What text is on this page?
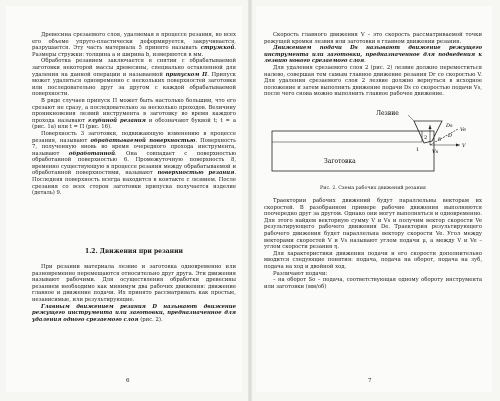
Древесина срезаемого слоя, удаляемая в процессе резания, во всех его объеме упруго-пластически деформируется, закручивается, разрушается. Эту часть материала 5 принято называть стружкой. Размеры стружки: толщина a и ширина b, измеряются в мм.

Обработка резанием заключается в снятии с обрабатываемой заготовки некоторой массы древесины, специально оставленной для удаления на данной операции и называемой припуском П. Припуск может удаляться одновременно с нескольких поверхностей заготовки или последовательно друг за другом с каждой обрабатываемой поверхности.

В ряде случаев припуск П может быть настолько большим, что его срезают не сразу, а последовательно за несколько проходов. Величину проникновения лезвий инструмента в заготовку во время каждого прохода называют глубиной резания и обозначают буквой t; t = a (рис. 1a) или t = П (рис. 16).

Поверхность 3 заготовки, подвижающую изменению в процессе резания, называют обрабатываемой поверхностью. Поверхность 7, полученную вновь во время очередного прохода инструмента, называют обработанной. Она совпадает с поверхностью обработанной поверхностью 6. Промежуточную поверхность 8, временно существующую в процессе резания между обрабатываемой и обработанной поверхностями, называют поверхностью резания. Последняя поверхность всегда находится в контакте с лезвием. После срезания со всех сторон заготовки припуска получается изделие (деталь) 9.

1.2. Движения при резании

При резании материала лезвие и заготовка одновременно или разновременно перемещаются относительно друг друга. Эти движения называют рабочими. Для осуществления обработки древесины резанием необходимо как минимум два рабочих движения: движение главное и движение подачи. Их принято рассматривать как простые, независимые, или результирующие.

Главным движением резания D называют движение режущего инструмента или заготовки, предназначенное для удаления одного срезаемого слоя (рис. 2).

6

Скорость главного движения V – это скорость рассматриваемой точки режущей кромки лезвия или заготовки в главном движении резания.

Движением подачи Ds называют движение режущего инструмента или заготовки, предназначенное для подведения к лезвию нового срезаемого слоя.

Для удаления срезаемого слоя 2 (рис. 2) лезвие должно переместиться налево, совершая тем самым главное движение резания Dr со скоростью V. Для удаления срезаемого слоя 2 лезвие должно вернуться в исходное положение и затем выполнить движение подачи Ds со скоростью подачи Vs, после чего снова можно выполнить главное рабочее движение.

Заготовка
Лезвие
Ds
D
V
Vs
Ve
δ
1
2
Рис. 2. Схема рабочих движений резания

Траектории рабочих движений будут параллельны векторам их скоростей. В разобранном примере рабочие движения выполняются поочередно друг за другом. Однако они могут выполняться и одновременно. Для этого найдем векторную сумму V и Vs и получим вектор скорости Ve результирующего рабочего движения De. Траектория результирующего рабочего движения будет параллельна вектору скорости Ve. Угол между векторами скоростей V и Vs называют углом подачи μ, а между V и Ve – углом скорости резания η.

Для характеристики движения подачи и его скорости дополнительно вводится следующие понятия: подача, подача на оборот, подача на зуб, подача на ход и двойной ход.

Различают подачи:

– на оборот Sо – подача, соответствующая одному обороту инструмента или заготовки (мм/об)

7
